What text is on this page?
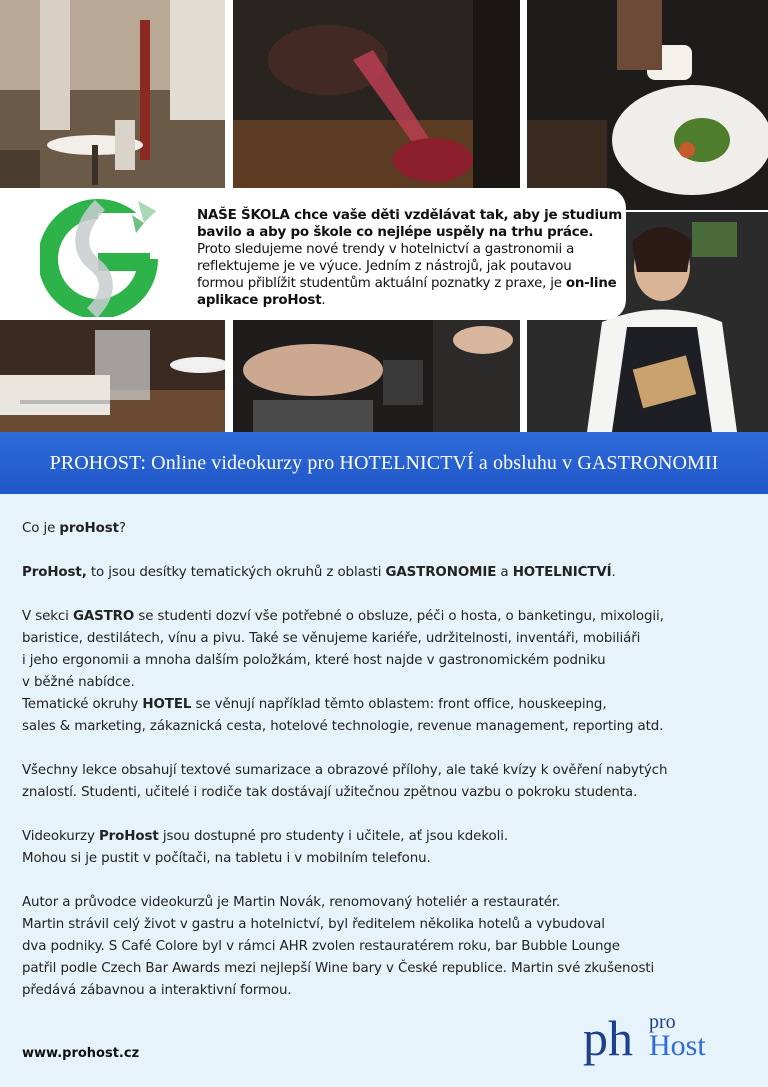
NAŠE ŠKOLA chce vaše děti vzdělávat tak, aby je studium bavilo a aby po škole co nejlépe uspěly na trhu práce. Proto sledujeme nové trendy v hotelnictví a gastronomii a reflektujeme je ve výuce. Jedním z nástrojů, jak poutavou formou přiblížit studentům aktuální poznatky z praxe, je on-line aplikace proHost.
PROHOST: Online videokurzy pro HOTELNICTVÍ a obsluhu v GASTRONOMII

Co je proHost?

ProHost, to jsou desítky tematických okruhů z oblasti GASTRONOMIE a HOTELNICTVÍ.

V sekci GASTRO se studenti dozví vše potřebné o obsluze, péči o hosta, o banketingu, mixologii,
baristice, destilátech, vínu a pivu. Také se věnujeme kariéře, udržitelnosti, inventáři, mobiliáři
i jeho ergonomii a mnoha dalším položkám, které host najde v gastronomickém podniku
v běžné nabídce.
Tematické okruhy HOTEL se věnují například těmto oblastem: front office, houskeeping,
sales & marketing, zákaznická cesta, hotelové technologie, revenue management, reporting atd.

Všechny lekce obsahují textové sumarizace a obrazové přílohy, ale také kvízy k ověření nabytých
znalostí. Studenti, učitelé i rodiče tak dostávají užitečnou zpětnou vazbu o pokroku studenta.

Videokurzy ProHost jsou dostupné pro studenty i učitele, ať jsou kdekoli.
Mohou si je pustit v počítači, na tabletu i v mobilním telefonu.

Autor a průvodce videokurzů je Martin Novák, renomovaný hoteliér a restauratér.
Martin strávil celý život v gastru a hotelnictví, byl ředitelem několika hotelů a vybudoval
dva podniky. S Café Colore byl v rámci AHR zvolen restauratérem roku, bar Bubble Lounge
patřil podle Czech Bar Awards mezi nejlepší Wine bary v České republice. Martin své zkušenosti
předává zábavnou a interaktivní formou.

www.prohost.cz	ph pro
Host
